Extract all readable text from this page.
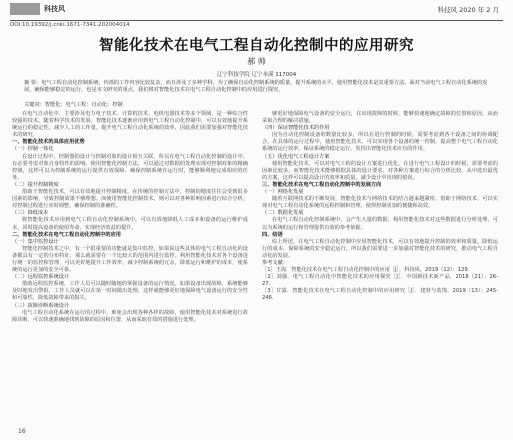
科技风	科技风 2020 年 2 月
DOI:10.19392/j.cnki.1671-7341.202004014
智能化技术在电气工程自动化控制中的应用研究
郝 帅
辽宁科技学院 辽宁本溪 117004
摘 要：电气工程自动化控制系统，内部的工作内容比较复杂，而且涉及了多种学科。为了确保自动化控制系统的质量，提升系统的水平，使用智能化技术是其重要方法。面对当前电气工程自动化系统的发展，确保能够稳定的运行，也是本文研究的重点，我们将对智能化技术在电气工程自动化控制中的应用进行探究。
关键词：智能化；电气工程；自动化；控制

在电气自动化中，主要涉及电力电子技术、计算机技术、电机电器技术等多个领域，是一种综合性较强的技术。随着科学技术的发展，智能化技术逐渐应用到电气工程自动化控制中，可以有效地提升系统运行的稳定性，减少人工的工作量，提升电气工程自动化系统的效率，因此我们需要加强对智能化技术的研究。

一、智能化技术的具体应用优势

（一）控制一体化

在设计过程中，控制器的设计与控制对象的设计相互关联，所以在电气工程自动化控制的设计中，有必要考虑对象自身特性的影响。使用智能化控制方法，可以通过对数据的处理实现对控制对象的精确控制，这样可以为控制系统的运行提供有效保障，确保控制系统在运行时，能够顺利地完成相应的任务。

（二）提升控制精度

借助于智能化技术，可以有效地提升控制精度。在传统的控制方法中，控制的精度往往会受到很多因素的影响，导致控制效果不够理想。而使用智能化控制技术，则可以对各种影响因素进行综合分析，对控制过程进行实时调整，确保控制的准确性。

（三）降低成本

将智能化技术应用到电气工程自动化控制系统中，可以有效地降低人工成本和设备的运行维护成本，同时提高设备的使用寿命，实现经济效益的提升。

二、智能化技术在电气工程自动化控制中的应用

（一）集中监控设计

智能化控制技术之中，有一个很重要的功能就是集中监控。如果说这些具体的电气工程自动化的设备都具有一定的分布特征，那么就需要在一个比较大的范围内进行监控。利用智能化技术对各个设备进行统一的监控和管理，可以更好地提升工作效率，减少控制系统的冗余，降低运行和维护的成本，使系统的运行更加的安全可靠。

（二）远程监控系统设计

借助远程监控系统，工作人员可以随时随地的掌握设备的运行情况。如果设备出现故障，系统能够及时地发出警报，工作人员就可以在第一时间做出处理，这样就能够更好地保障电气设备运行的安全性和可靠性，降低故障带来的损失。

（三）故障诊断系统设计

电气工程自动化系统在运行的过程中，难免会出现各种各样的故障，使用智能化技术对系统进行故障诊断，可以快速准确地找到故障的原因和位置，从而采取有效的措施进行处理。

够更好地保障电气设备的安全运行，在出现故障的时候，能够快速地确定故障的位置和原因，从而采取合理的解决措施。

（四）保证智能化技术的作用

因为自动化控制设备的数量比较多，所以在进行控制的时候，需要考虑到各个设备之间的协调配合。在具体的运行过程中，使用智能化技术，可以实现各个设备的统一控制，提高整个电气工程自动化系统的运行效率，保证系统的稳定运行，发挥出智能化技术应有的作用。

（五）优化电气工程设计方案

使用智能化技术，可以对电气工程的设计方案进行优化。在进行电气工程设计的时候，需要考虑的因素比较多，而智能化技术能够根据具体的设计要求，对各种方案进行综合的分析比较，从中选出最优的方案，这样可以提高设计的效率和质量，减少设计中出现的错误。

三、智能化技术在电气工程自动化控制中的发展方向

（一）网络化发展

随着互联网技术的不断发展，智能化技术与网络技术的结合越来越紧密。借助于网络技术，可以实现对电气工程自动化系统的远程控制和管理，使得控制更加的便捷和高效。

（二）数据化发展

在电气工程自动化控制系统中，会产生大量的数据，利用智能化技术对这些数据进行分析处理，可以为系统的运行和管理提供有效的参考依据。

四、结语

综上所述，在电气工程自动化控制中应用智能化技术，可以有效地提升控制的效率和质量，降低运行的成本，保障系统的安全稳定运行。所以我们需要进一步加强对智能化技术的研究，推动电气工程自动化的发展。

参考文献：

［1］王海．智能化技术在电气工程自动化控制中的应用［J］．科技风，2019（12）：129．

［2］刘强．电气工程自动化中智能化技术的应用探究［J］．中国新技术新产品，2018（21）：26-27．

［3］甘露．智能化技术在电气工程自动化控制中的应用研究［J］．建材与装饰，2019（13）：245-246．

16
